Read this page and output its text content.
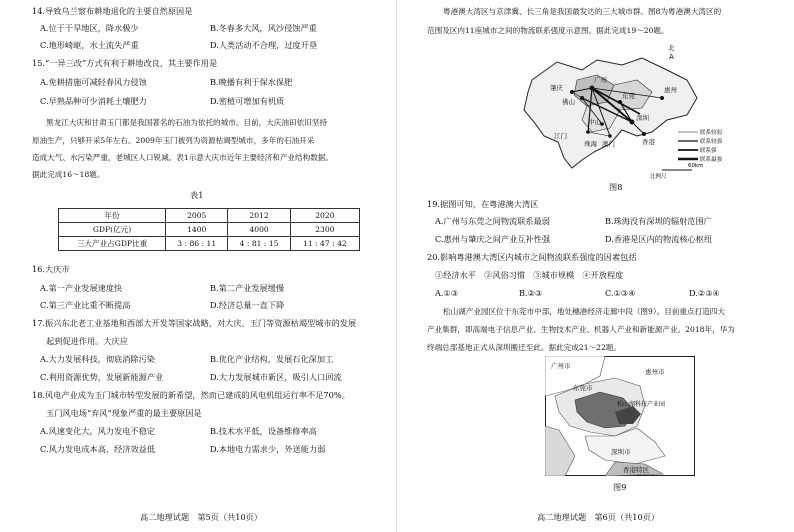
14.导致乌兰察布耕地退化的主要自然原因是
A.位于干旱地区，降水极少	B.冬春多大风，风沙侵蚀严重
C.地形崎岖，水土流失严重	D.人类活动不合理，过度开垦
15.“一异三改”方式有利于耕地改良，其主要作用是
A.免耕措施可减轻春风力侵蚀	B.晚播有利于保水保肥
C.早熟品种可少消耗土壤肥力	D.密植可增加有机质
黑龙江大庆和甘肃玉门都是我国著名的石油为依托的城市。目前，大庆油田依旧坚持
原油生产，只够开采5年左右。2009年玉门被列为资源枯竭型城市，多年的石油开采
造成大气、水污染严重，老城区人口锐减。表1示意大庆市近年主要经济和产业结构数据。
据此完成16～18题。
表1
年份	2005	2012	2020
GDP(亿元)	1400	4000	2300
三大产业占GDP比重	3 : 86 : 11	4 : 81 : 15	11 : 47 : 42
16.大庆市
A.第一产业发展速度快	B.第二产业发展缓慢
C.第三产业比重不断提高	D.经济总量一直下降
17.振兴东北老工业基地和西部大开发等国家战略，对大庆、玉门等资源枯竭型城市的发展
起到促进作用。大庆应
A.大力发展科技，彻底消除污染	B.优化产业结构，发展石化深加工
C.利用资源优势，发展新能源产业	D.大力发展城市新区，吸引人口回流
18.风电产业成为玉门城市转型发展的新希望，然而已建成的风电机组运行率不足70%。
玉门风电场“弃风”现象严重的最主要原因是
A.风速变化大，风力发电不稳定	B.技术水平低，设备维修率高
C.风力发电成本高，经济效益低	D.本地电力需求少，外送能力弱
高二地理试题　第5页（共10页）
粤港澳大湾区与京津冀、长三角是我国最发达的三大城市群。图8为粤港澳大湾区的
范围及区内11座城市之间的物流联系强度示意图。据此完成19～20题。
肇庆
广州
佛山
江门
东莞
中山	深圳
珠海 澳门	香港
惠州
北
A
联系较弱
联系较强
联系强
联系最强
60km
比例尺
图8
19.据图可知，在粤港澳大湾区
A.广州与东莞之间物流联系最弱	B.珠海没有深圳的辐射范围广
C.惠州与肇庆之间产业互补性强	D.香港是区内的物流核心枢纽
20.影响粤港澳大湾区内城市之间物流联系强度的因素包括
①经济水平　②风俗习惯　③城市规模　④开放程度
A.①③	B.②③	C.①③④	D.②③④
松山湖产业园区位于东莞市中部，地处穗港经济走廊中段（图9）。目前重点打造四大
产业集群，即高端电子信息产业、生物技术产业、机器人产业和新能源产业。2018年，华为
终端总部基地正式从深圳搬迁至此。据此完成21～22题。
广州市
惠州市
东莞市
松山湖科技产业园
深圳市
香港特区
图9
高二地理试题　第6页（共10页）
